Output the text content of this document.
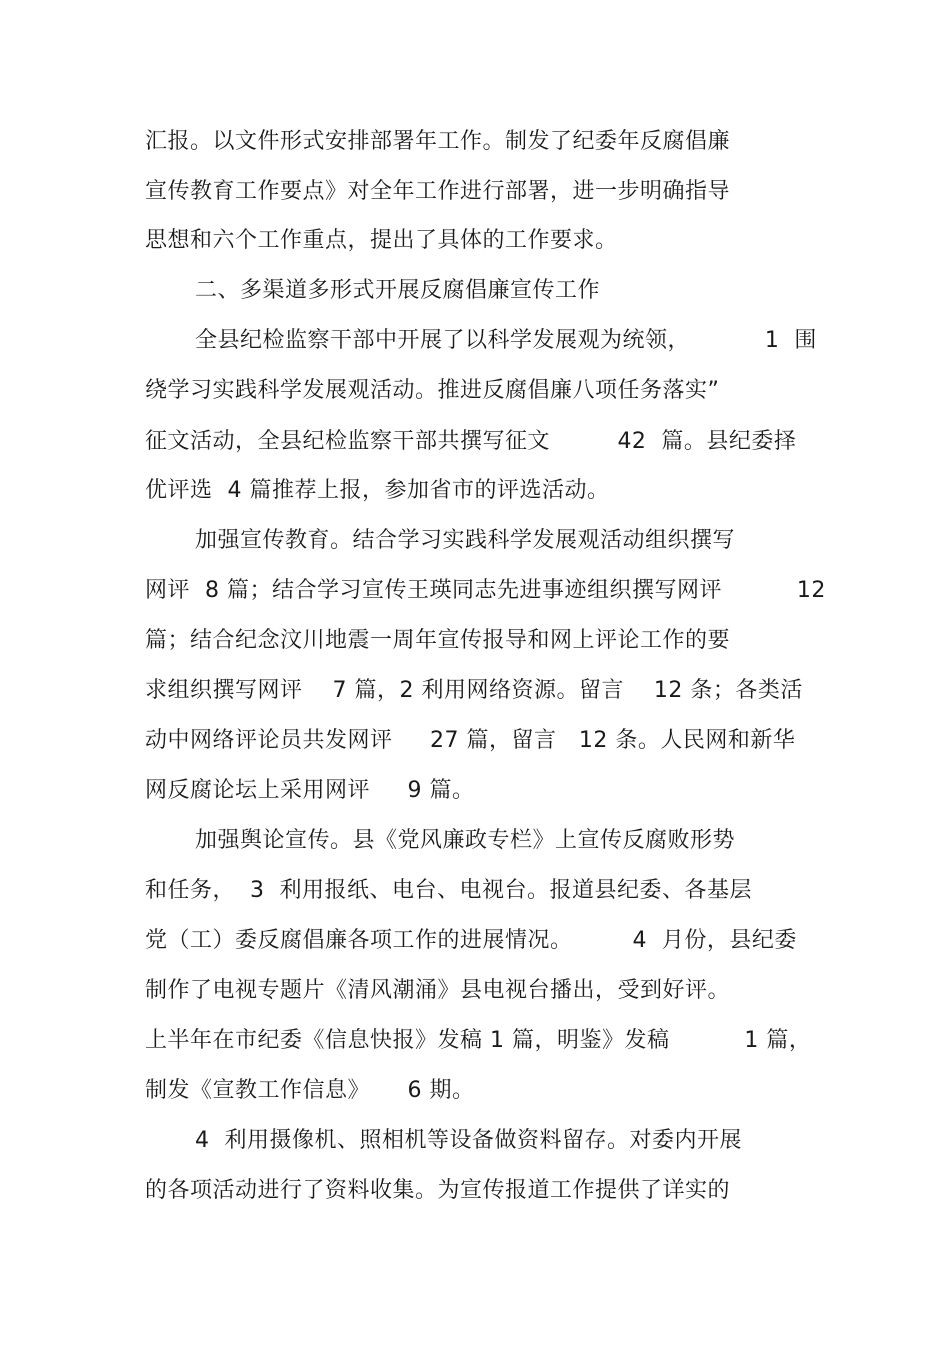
汇报。以文件形式安排部署年工作。制发了纪委年反腐倡廉
宣传教育工作要点》对全年工作进行部署，进一步明确指导
思想和六个工作重点，提出了具体的工作要求。
二、多渠道多形式开展反腐倡廉宣传工作
全县纪检监察干部中开展了以科学发展观为统领，          1  围
绕学习实践科学发展观活动。推进反腐倡廉八项任务落实”
征文活动，全县纪检监察干部共撰写征文         42  篇。县纪委择
优评选  4 篇推荐上报，参加省市的评选活动。
加强宣传教育。结合学习实践科学发展观活动组织撰写
网评  8 篇；结合学习宣传王瑛同志先进事迹组织撰写网评          12
篇；结合纪念汶川地震一周年宣传报导和网上评论工作的要
求组织撰写网评    7 篇，2 利用网络资源。留言    12 条；各类活
动中网络评论员共发网评     27 篇，留言   12 条。人民网和新华
网反腐论坛上采用网评     9 篇。
加强舆论宣传。县《党风廉政专栏》上宣传反腐败形势
和任务，  3  利用报纸、电台、电视台。报道县纪委、各基层
党（工）委反腐倡廉各项工作的进展情况。        4  月份，县纪委
制作了电视专题片《清风潮涌》县电视台播出，受到好评。
上半年在市纪委《信息快报》发稿 1 篇，明鉴》发稿          1 篇，
制发《宣教工作信息》     6 期。
4  利用摄像机、照相机等设备做资料留存。对委内开展
的各项活动进行了资料收集。为宣传报道工作提供了详实的
